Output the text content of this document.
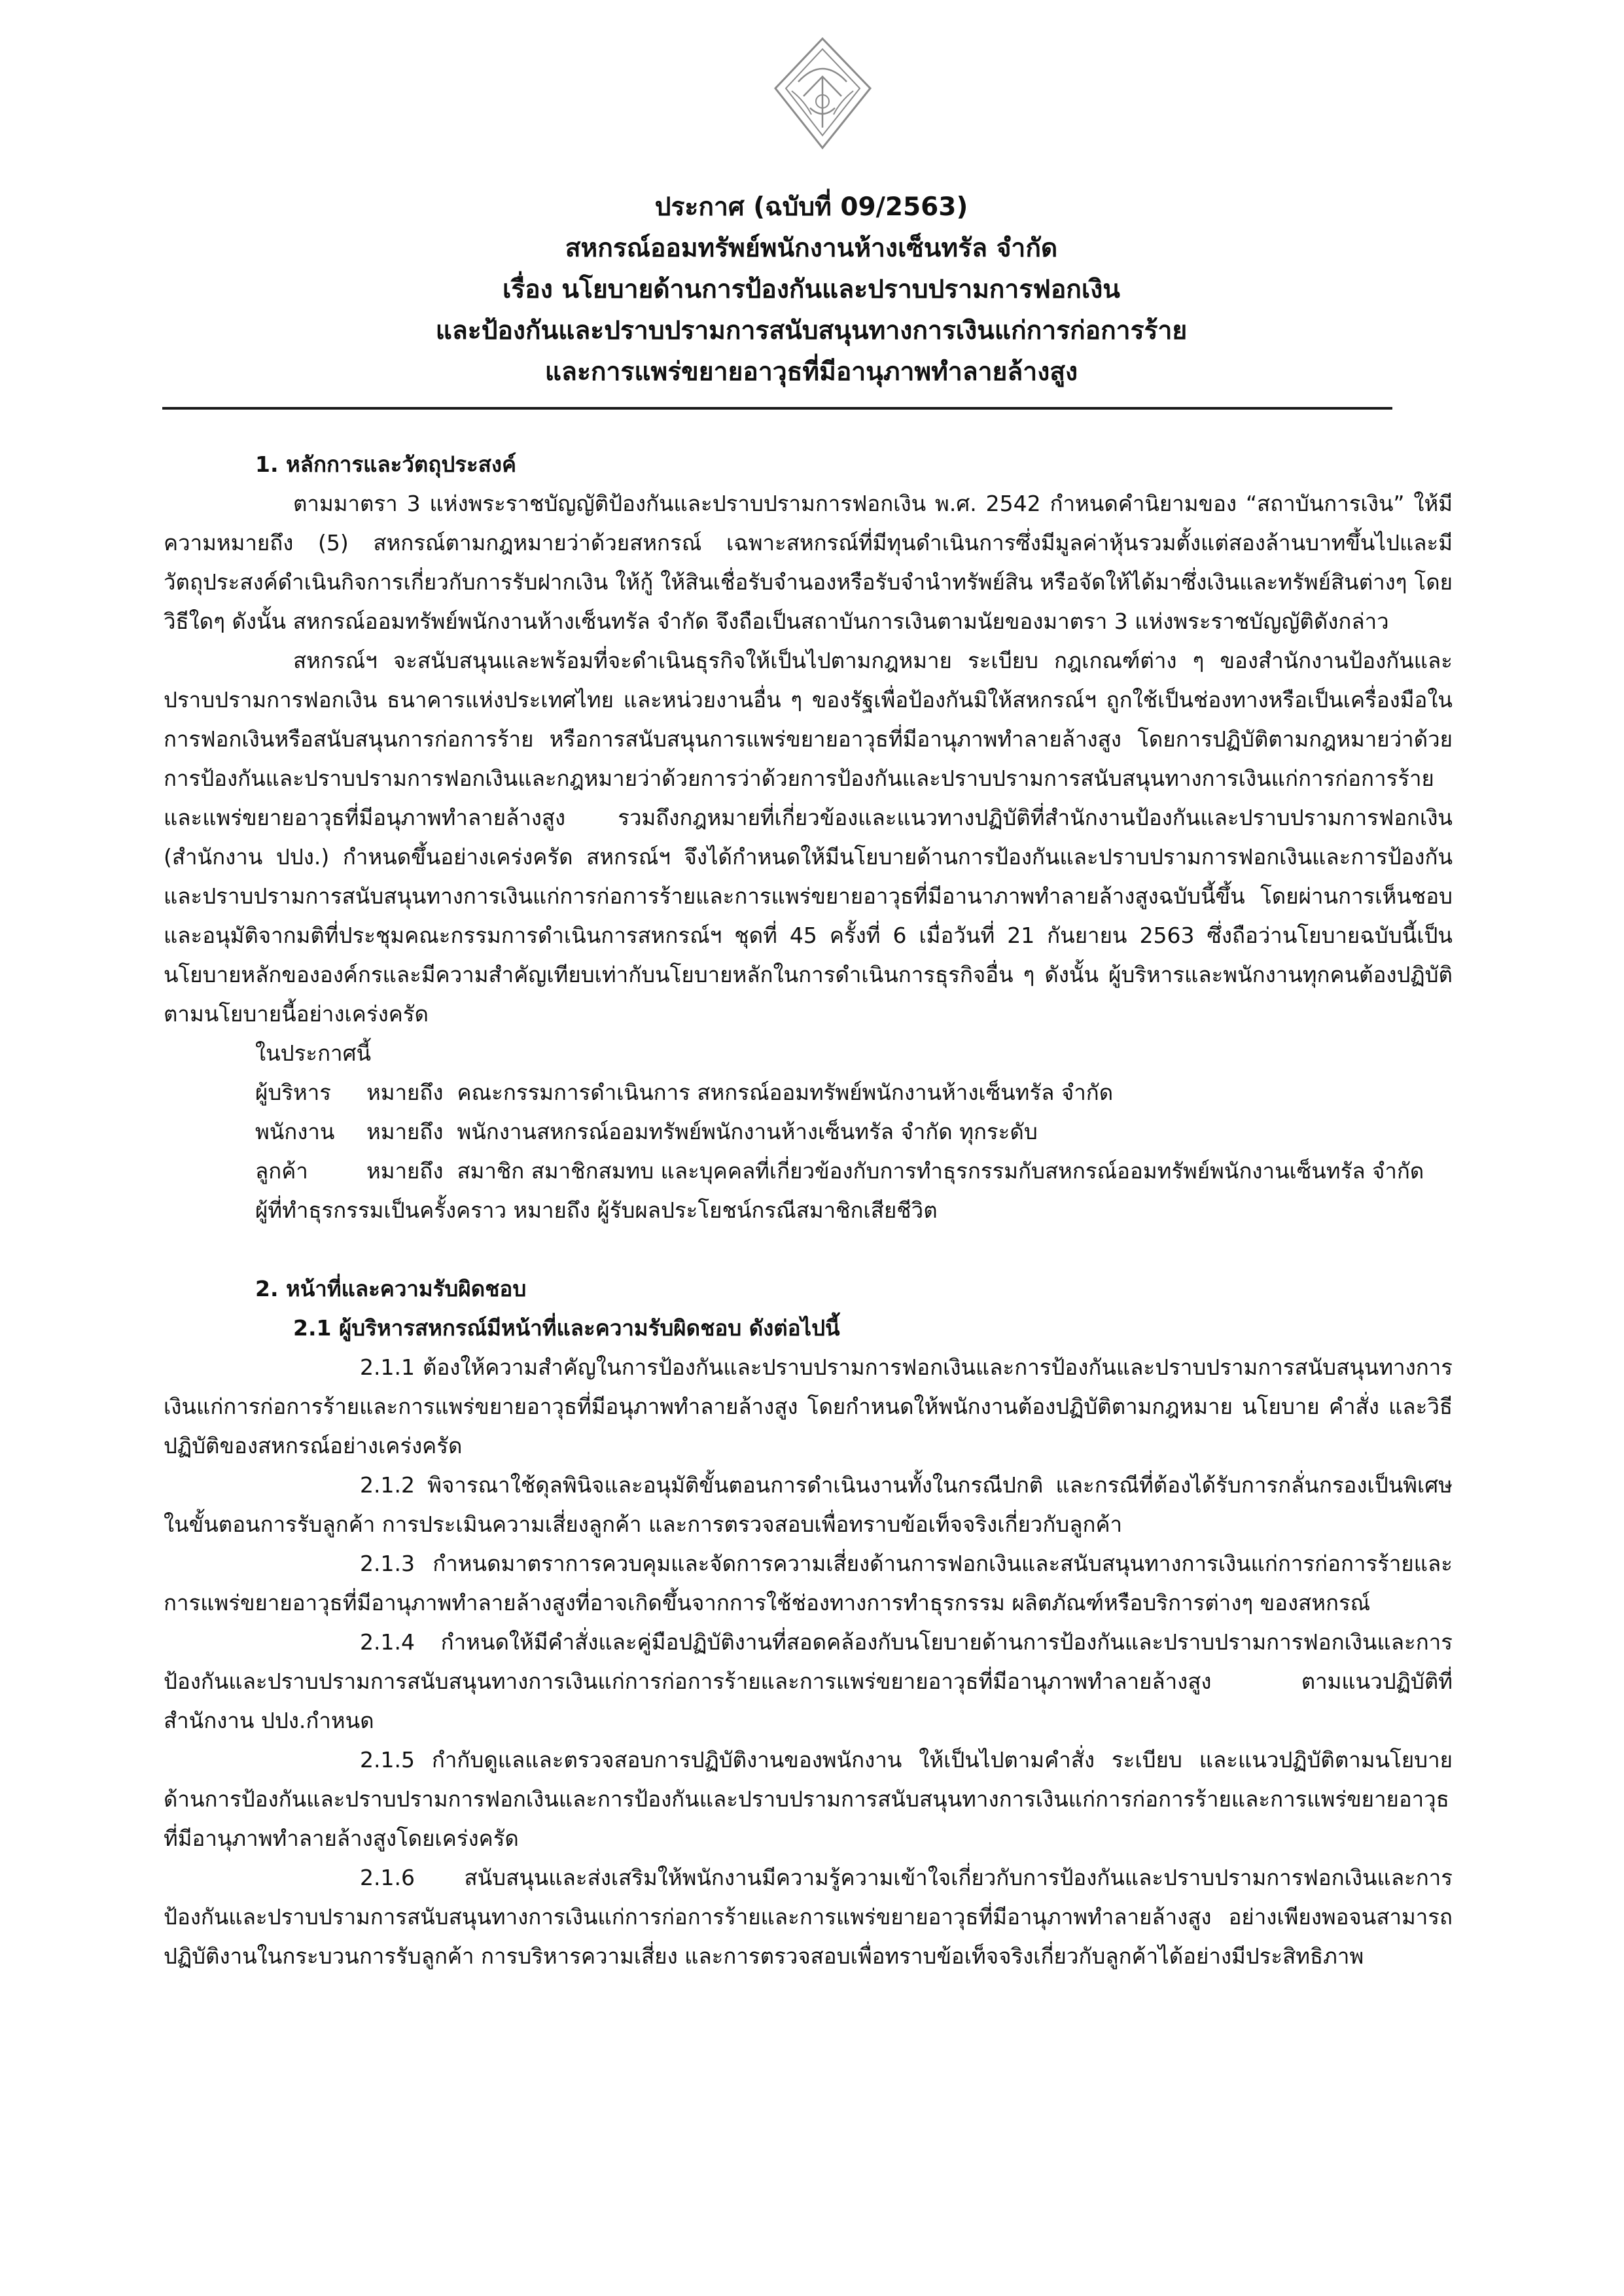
ประกาศ (ฉบับที่ 09/2563)
สหกรณ์ออมทรัพย์พนักงานห้างเซ็นทรัล จำกัด
เรื่อง นโยบายด้านการป้องกันและปราบปรามการฟอกเงิน
และป้องกันและปราบปรามการสนับสนุนทางการเงินแก่การก่อการร้าย
และการแพร่ขยายอาวุธที่มีอานุภาพทำลายล้างสูง

1. หลักการและวัตถุประสงค์

ตามมาตรา 3 แห่งพระราชบัญญัติป้องกันและปราบปรามการฟอกเงิน พ.ศ. 2542 กำหนดคำนิยามของ “สถาบันการเงิน” ให้มีความหมายถึง (5) สหกรณ์ตามกฎหมายว่าด้วยสหกรณ์ เฉพาะสหกรณ์ที่มีทุนดำเนินการซึ่งมีมูลค่าหุ้นรวมตั้งแต่สองล้านบาทขึ้นไปและมีวัตถุประสงค์ดำเนินกิจการเกี่ยวกับการรับฝากเงิน ให้กู้ ให้สินเชื่อรับจำนองหรือรับจำนำทรัพย์สิน หรือจัดให้ได้มาซึ่งเงินและทรัพย์สินต่างๆ โดยวิธีใดๆ ดังนั้น สหกรณ์ออมทรัพย์พนักงานห้างเซ็นทรัล จำกัด จึงถือเป็นสถาบันการเงินตามนัยของมาตรา 3 แห่งพระราชบัญญัติดังกล่าว

สหกรณ์ฯ จะสนับสนุนและพร้อมที่จะดำเนินธุรกิจให้เป็นไปตามกฎหมาย ระเบียบ กฎเกณฑ์ต่าง ๆ ของสำนักงานป้องกันและปราบปรามการฟอกเงิน ธนาคารแห่งประเทศไทย และหน่วยงานอื่น ๆ ของรัฐเพื่อป้องกันมิให้สหกรณ์ฯ ถูกใช้เป็นช่องทางหรือเป็นเครื่องมือในการฟอกเงินหรือสนับสนุนการก่อการร้าย หรือการสนับสนุนการแพร่ขยายอาวุธที่มีอานุภาพทำลายล้างสูง โดยการปฏิบัติตามกฎหมายว่าด้วยการป้องกันและปราบปรามการฟอกเงินและกฎหมายว่าด้วยการว่าด้วยการป้องกันและปราบปรามการสนับสนุนทางการเงินแก่การก่อการร้ายและแพร่ขยายอาวุธที่มีอนุภาพทำลายล้างสูง รวมถึงกฎหมายที่เกี่ยวข้องและแนวทางปฏิบัติที่สำนักงานป้องกันและปราบปรามการฟอกเงิน (สำนักงาน ปปง.) กำหนดขึ้นอย่างเคร่งครัด สหกรณ์ฯ จึงได้กำหนดให้มีนโยบายด้านการป้องกันและปราบปรามการฟอกเงินและการป้องกันและปราบปรามการสนับสนุนทางการเงินแก่การก่อการร้ายและการแพร่ขยายอาวุธที่มีอานาภาพทำลายล้างสูงฉบับนี้ขึ้น โดยผ่านการเห็นชอบและอนุมัติจากมติที่ประชุมคณะกรรมการดำเนินการสหกรณ์ฯ ชุดที่ 45 ครั้งที่ 6 เมื่อวันที่ 21 กันยายน 2563 ซึ่งถือว่านโยบายฉบับนี้เป็นนโยบายหลักขององค์กรและมีความสำคัญเทียบเท่ากับนโยบายหลักในการดำเนินการธุรกิจอื่น ๆ ดังนั้น ผู้บริหารและพนักงานทุกคนต้องปฏิบัติตามนโยบายนี้อย่างเคร่งครัด

ในประกาศนี้

ผู้บริหาร หมายถึง คณะกรรมการดำเนินการ สหกรณ์ออมทรัพย์พนักงานห้างเซ็นทรัล จำกัด

พนักงาน หมายถึง พนักงานสหกรณ์ออมทรัพย์พนักงานห้างเซ็นทรัล จำกัด ทุกระดับ

ลูกค้า	หมายถึง สมาชิก สมาชิกสมทบ และบุคคลที่เกี่ยวข้องกับการทำธุรกรรมกับสหกรณ์ออมทรัพย์พนักงานเซ็นทรัล จำกัด

ผู้ที่ทำธุรกรรมเป็นครั้งคราว หมายถึง ผู้รับผลประโยชน์กรณีสมาชิกเสียชีวิต

2. หน้าที่และความรับผิดชอบ

2.1 ผู้บริหารสหกรณ์มีหน้าที่และความรับผิดชอบ ดังต่อไปนี้

2.1.1 ต้องให้ความสำคัญในการป้องกันและปราบปรามการฟอกเงินและการป้องกันและปราบปรามการสนับสนุนทางการเงินแก่การก่อการร้ายและการแพร่ขยายอาวุธที่มีอนุภาพทำลายล้างสูง โดยกำหนดให้พนักงานต้องปฏิบัติตามกฎหมาย นโยบาย คำสั่ง และวิธีปฏิบัติของสหกรณ์อย่างเคร่งครัด

2.1.2 พิจารณาใช้ดุลพินิจและอนุมัติขั้นตอนการดำเนินงานทั้งในกรณีปกติ และกรณีที่ต้องได้รับการกลั่นกรองเป็นพิเศษในขั้นตอนการรับลูกค้า การประเมินความเสี่ยงลูกค้า และการตรวจสอบเพื่อทราบข้อเท็จจริงเกี่ยวกับลูกค้า

2.1.3 กำหนดมาตราการควบคุมและจัดการความเสี่ยงด้านการฟอกเงินและสนับสนุนทางการเงินแก่การก่อการร้ายและการแพร่ขยายอาวุธที่มีอานุภาพทำลายล้างสูงที่อาจเกิดขึ้นจากการใช้ช่องทางการทำธุรกรรม ผลิตภัณฑ์หรือบริการต่างๆ ของสหกรณ์

2.1.4 กำหนดให้มีคำสั่งและคู่มือปฏิบัติงานที่สอดคล้องกับนโยบายด้านการป้องกันและปราบปรามการฟอกเงินและการป้องกันและปราบปรามการสนับสนุนทางการเงินแก่การก่อการร้ายและการแพร่ขยายอาวุธที่มีอานุภาพทำลายล้างสูง ตามแนวปฏิบัติที่สำนักงาน ปปง.กำหนด

2.1.5 กำกับดูแลและตรวจสอบการปฏิบัติงานของพนักงาน ให้เป็นไปตามคำสั่ง ระเบียบ และแนวปฏิบัติตามนโยบายด้านการป้องกันและปราบปรามการฟอกเงินและการป้องกันและปราบปรามการสนับสนุนทางการเงินแก่การก่อการร้ายและการแพร่ขยายอาวุธที่มีอานุภาพทำลายล้างสูงโดยเคร่งครัด

2.1.6 สนับสนุนและส่งเสริมให้พนักงานมีความรู้ความเข้าใจเกี่ยวกับการป้องกันและปราบปรามการฟอกเงินและการป้องกันและปราบปรามการสนับสนุนทางการเงินแก่การก่อการร้ายและการแพร่ขยายอาวุธที่มีอานุภาพทำลายล้างสูง อย่างเพียงพอจนสามารถปฏิบัติงานในกระบวนการรับลูกค้า การบริหารความเสี่ยง และการตรวจสอบเพื่อทราบข้อเท็จจริงเกี่ยวกับลูกค้าได้อย่างมีประสิทธิภาพ
